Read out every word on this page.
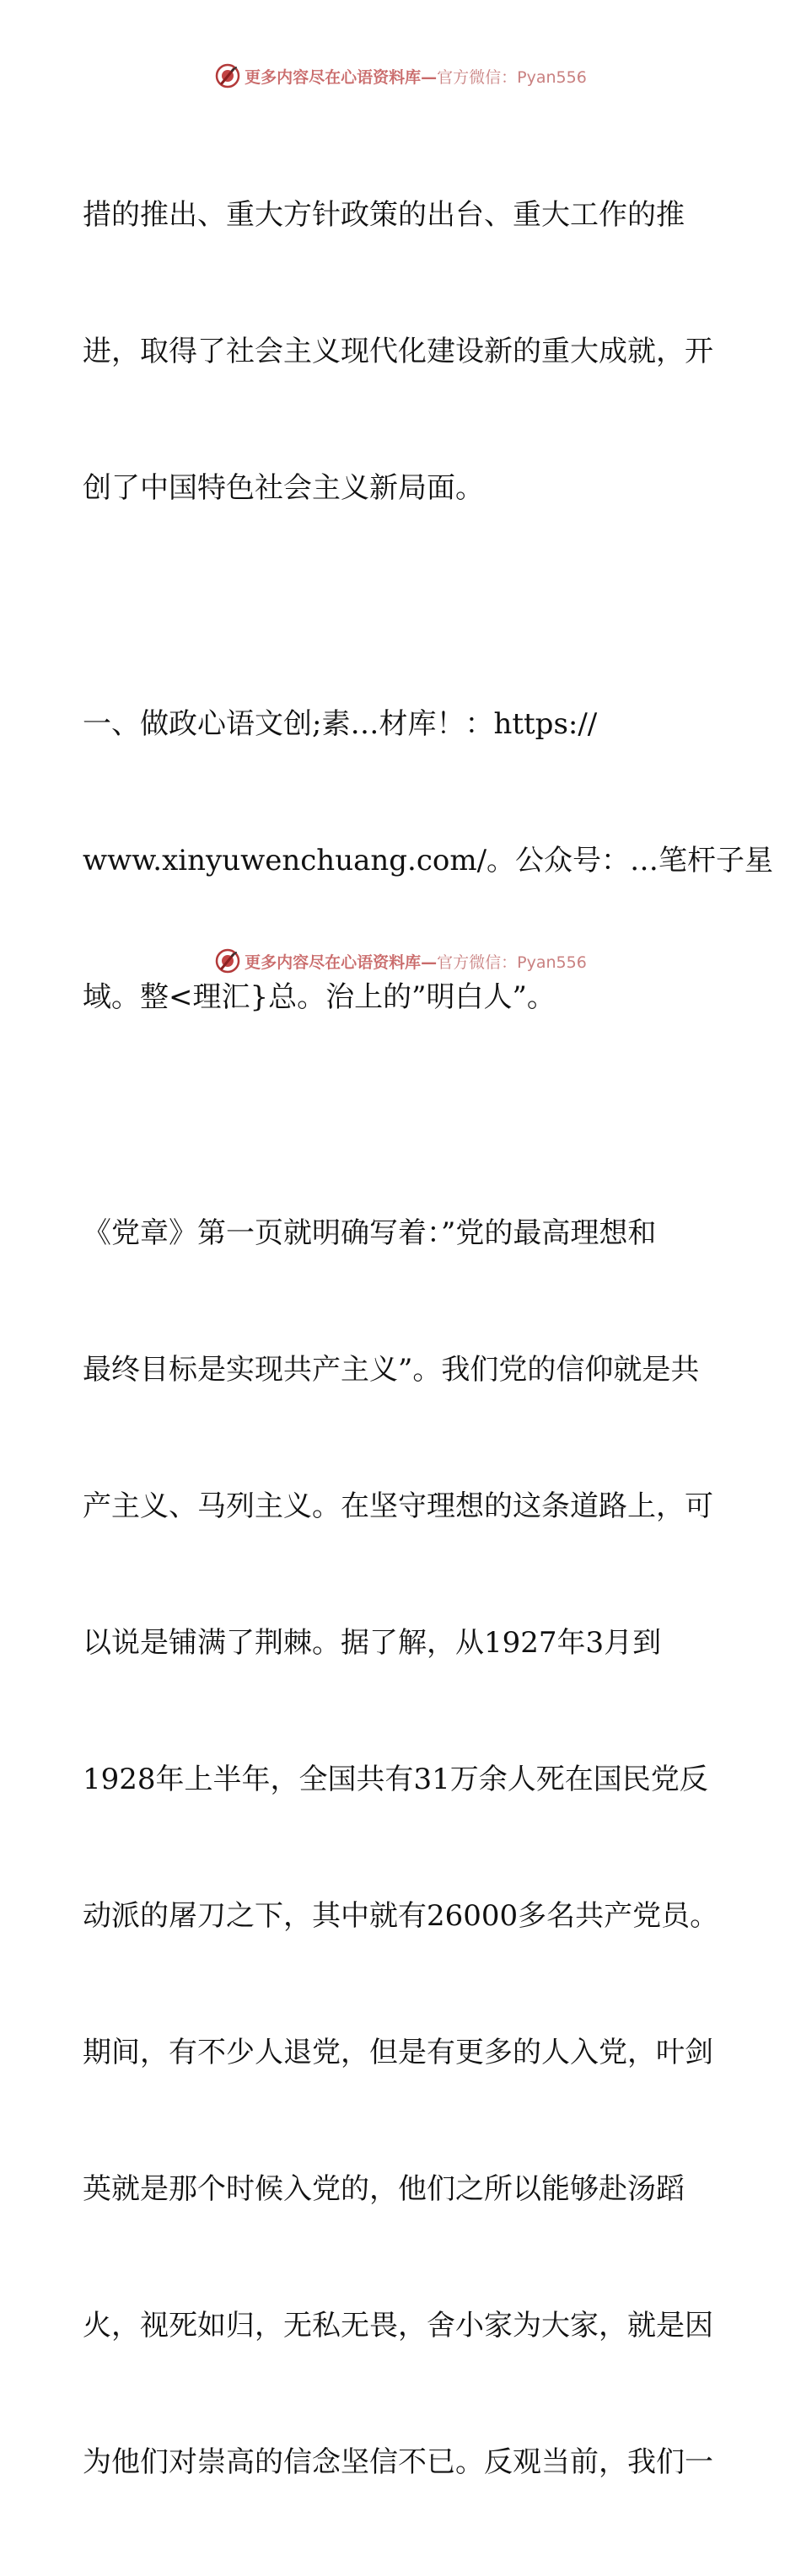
更多内容尽在心语资料库—官方微信：Pyan556

措的推出、重大方针政策的出台、重大工作的推

进，取得了社会主义现代化建设新的重大成就，开

创了中国特色社会主义新局面。

一、做政心语文创;素…材库！：https://

www.xinyuwenchuang.com/。公众号：…笔杆子星

域。整<理汇}总。治上的”明白人”。

《党章》第一页就明确写着：”党的最高理想和

最终目标是实现共产主义”。我们党的信仰就是共

产主义、马列主义。在坚守理想的这条道路上，可

以说是铺满了荆棘。据了解，从1927年3月到

1928年上半年，全国共有31万余人死在国民党反

动派的屠刀之下，其中就有26000多名共产党员。

期间，有不少人退党，但是有更多的人入党，叶剑

英就是那个时候入党的，他们之所以能够赴汤蹈

火，视死如归，无私无畏，舍小家为大家，就是因

为他们对崇高的信念坚信不已。反观当前，我们一

更多内容尽在心语资料库—官方微信：Pyan556
